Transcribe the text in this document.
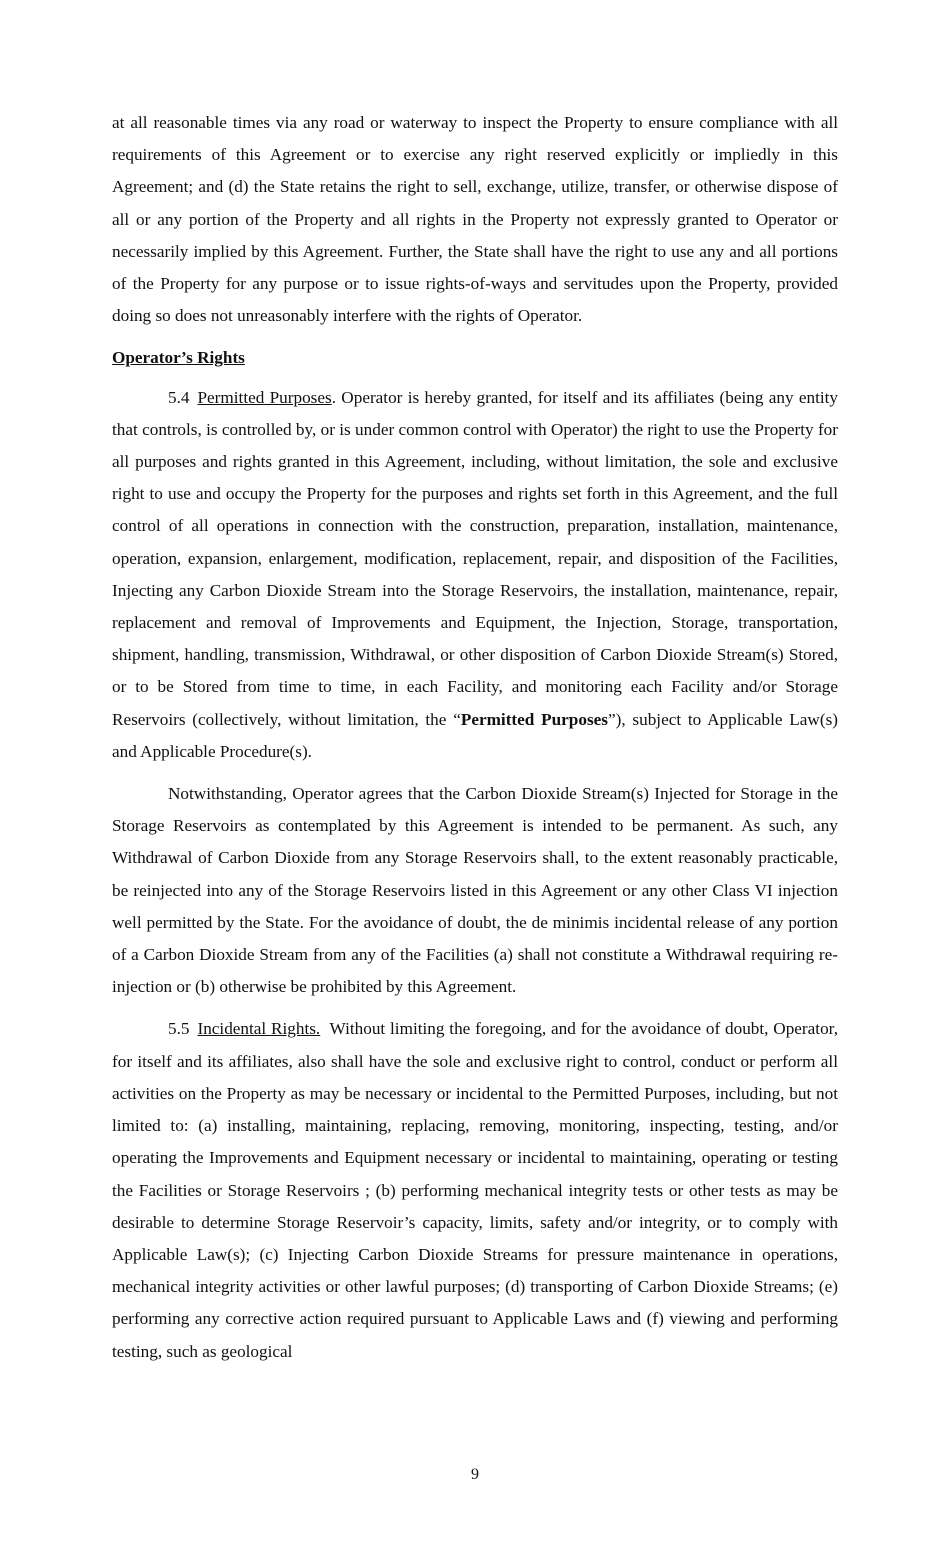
at all reasonable times via any road or waterway to inspect the Property to ensure compliance with all requirements of this Agreement or to exercise any right reserved explicitly or impliedly in this Agreement; and (d) the State retains the right to sell, exchange, utilize, transfer, or otherwise dispose of all or any portion of the Property and all rights in the Property not expressly granted to Operator or necessarily implied by this Agreement. Further, the State shall have the right to use any and all portions of the Property for any purpose or to issue rights-of-ways and servitudes upon the Property, provided doing so does not unreasonably interfere with the rights of Operator.

Operator’s Rights

5.4 Permitted Purposes. Operator is hereby granted, for itself and its affiliates (being any entity that controls, is controlled by, or is under common control with Operator) the right to use the Property for all purposes and rights granted in this Agreement, including, without limitation, the sole and exclusive right to use and occupy the Property for the purposes and rights set forth in this Agreement, and the full control of all operations in connection with the construction, preparation, installation, maintenance, operation, expansion, enlargement, modification, replacement, repair, and disposition of the Facilities, Injecting any Carbon Dioxide Stream into the Storage Reservoirs, the installation, maintenance, repair, replacement and removal of Improvements and Equipment, the Injection, Storage, transportation, shipment, handling, transmission, Withdrawal, or other disposition of Carbon Dioxide Stream(s) Stored, or to be Stored from time to time, in each Facility, and monitoring each Facility and/or Storage Reservoirs (collectively, without limitation, the “Permitted Purposes”), subject to Applicable Law(s) and Applicable Procedure(s).

Notwithstanding, Operator agrees that the Carbon Dioxide Stream(s) Injected for Storage in the Storage Reservoirs as contemplated by this Agreement is intended to be permanent. As such, any Withdrawal of Carbon Dioxide from any Storage Reservoirs shall, to the extent reasonably practicable, be reinjected into any of the Storage Reservoirs listed in this Agreement or any other Class VI injection well permitted by the State. For the avoidance of doubt, the de minimis incidental release of any portion of a Carbon Dioxide Stream from any of the Facilities (a) shall not constitute a Withdrawal requiring re-injection or (b) otherwise be prohibited by this Agreement.

5.5 Incidental Rights.  Without limiting the foregoing, and for the avoidance of doubt, Operator, for itself and its affiliates, also shall have the sole and exclusive right to control, conduct or perform all activities on the Property as may be necessary or incidental to the Permitted Purposes, including, but not limited to: (a) installing, maintaining, replacing, removing, monitoring, inspecting, testing, and/or operating the Improvements and Equipment necessary or incidental to maintaining, operating or testing the Facilities or Storage Reservoirs ; (b) performing mechanical integrity tests or other tests as may be desirable to determine Storage Reservoir’s capacity, limits, safety and/or integrity, or to comply with Applicable Law(s); (c) Injecting Carbon Dioxide Streams for pressure maintenance in operations, mechanical integrity activities or other lawful purposes; (d) transporting of Carbon Dioxide Streams; (e) performing any corrective action required pursuant to Applicable Laws and (f) viewing and performing testing, such as geological

9
